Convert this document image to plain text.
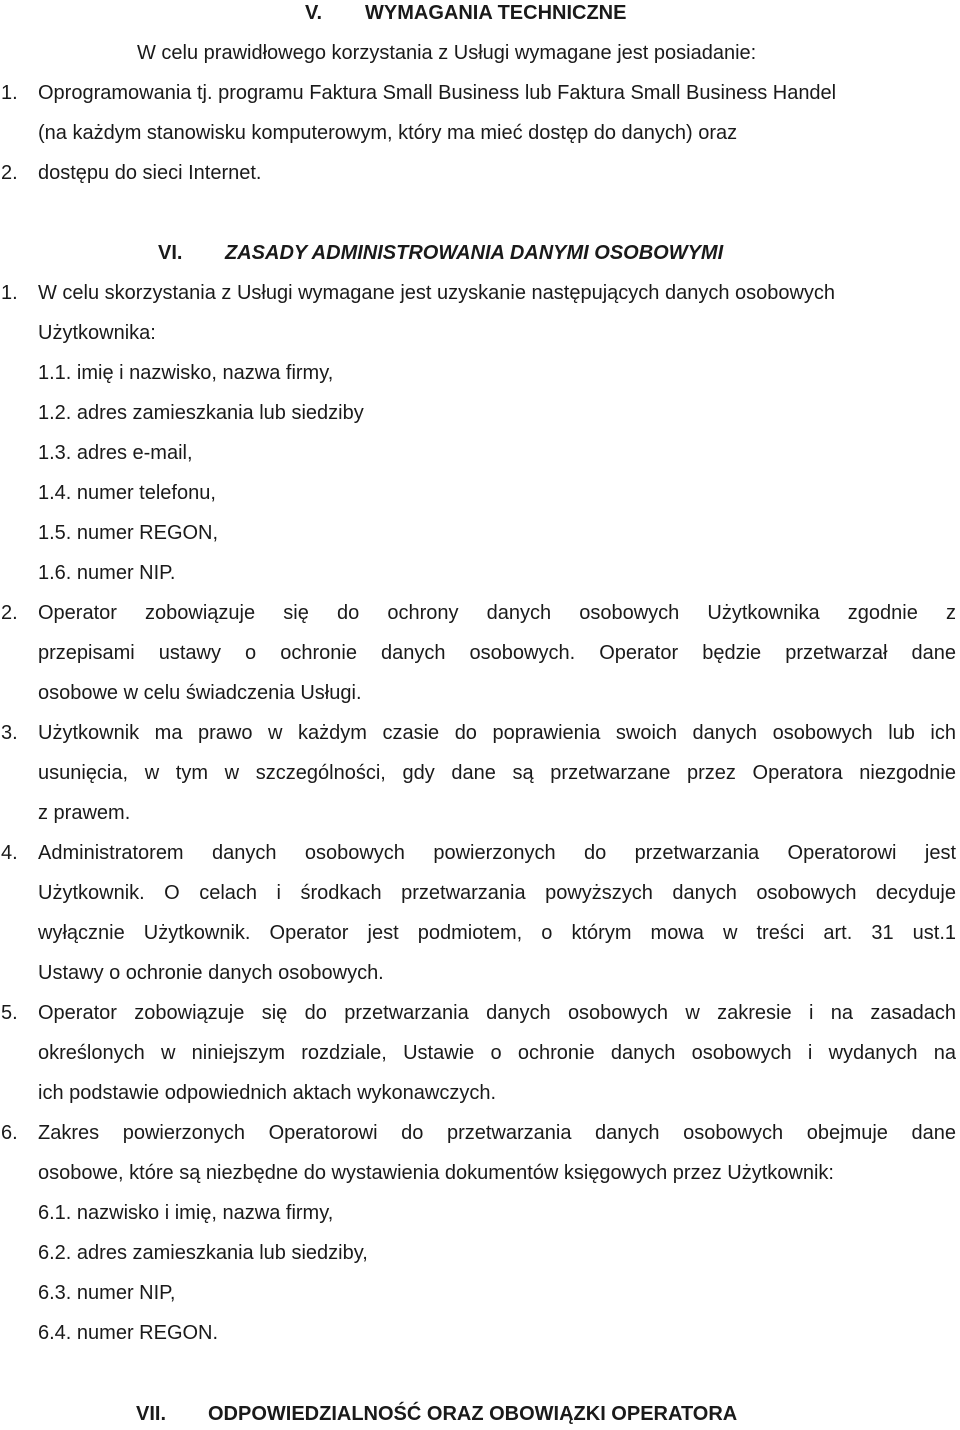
V. WYMAGANIA TECHNICZNE
W celu prawidłowego korzystania z Usługi wymagane jest posiadanie:
1. Oprogramowania tj. programu Faktura Small Business lub Faktura Small Business Handel
(na każdym stanowisku komputerowym, który ma mieć dostęp do danych) oraz
2. dostępu do sieci Internet.
VI. ZASADY ADMINISTROWANIA DANYMI OSOBOWYMI
1. W celu skorzystania z Usługi wymagane jest uzyskanie następujących danych osobowych
Użytkownika:
1.1. imię i nazwisko, nazwa firmy,
1.2. adres zamieszkania lub siedziby
1.3. adres e-mail,
1.4. numer telefonu,
1.5. numer REGON,
1.6. numer NIP.
2. Operator zobowiązuje się do ochrony danych osobowych Użytkownika zgodnie z
przepisami ustawy o ochronie danych osobowych. Operator będzie przetwarzał dane
osobowe w celu świadczenia Usługi.
3. Użytkownik ma prawo w każdym czasie do poprawienia swoich danych osobowych lub ich
usunięcia, w tym w szczególności, gdy dane są przetwarzane przez Operatora niezgodnie
z prawem.
4. Administratorem danych osobowych powierzonych do przetwarzania Operatorowi jest
Użytkownik. O celach i środkach przetwarzania powyższych danych osobowych decyduje
wyłącznie Użytkownik. Operator jest podmiotem, o którym mowa w treści art. 31 ust.1
Ustawy o ochronie danych osobowych.
5. Operator zobowiązuje się do przetwarzania danych osobowych w zakresie i na zasadach
określonych w niniejszym rozdziale, Ustawie o ochronie danych osobowych i wydanych na
ich podstawie odpowiednich aktach wykonawczych.
6. Zakres powierzonych Operatorowi do przetwarzania danych osobowych obejmuje dane
osobowe, które są niezbędne do wystawienia dokumentów księgowych przez Użytkownik:
6.1. nazwisko i imię, nazwa firmy,
6.2. adres zamieszkania lub siedziby,
6.3. numer NIP,
6.4. numer REGON.
VII. ODPOWIEDZIALNOŚĆ ORAZ OBOWIĄZKI OPERATORA
